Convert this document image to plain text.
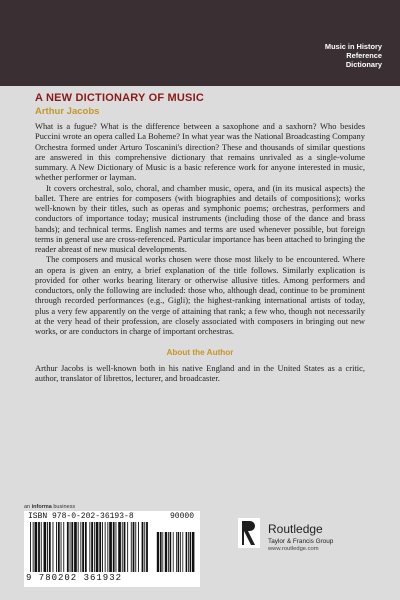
Music in History
Reference
Dictionary
A NEW DICTIONARY OF MUSIC
Arthur Jacobs

What is a fugue? What is the difference between a saxophone and a saxhorn? Who besides Puccini wrote an opera called La Boheme? In what year was the National Broadcasting Company Orchestra formed under Arturo Toscanini's direction? These and thousands of similar questions are answered in this comprehensive dictionary that remains unrivaled as a single-volume summary. A New Dictionary of Music is a basic reference work for anyone interested in music, whether performer or layman.

It covers orchestral, solo, choral, and chamber music, opera, and (in its musical aspects) the ballet. There are entries for composers (with biographies and details of compositions); works well-known by their titles, such as operas and symphonic poems; orchestras, performers and conductors of importance today; musical instruments (including those of the dance and brass bands); and technical terms. English names and terms are used whenever possible, but foreign terms in general use are cross-referenced. Particular importance has been attached to bringing the reader abreast of new musical developments.

The composers and musical works chosen were those most likely to be encountered. Where an opera is given an entry, a brief explanation of the title follows. Similarly explication is provided for other works bearing literary or otherwise allusive titles. Among performers and conductors, only the following are included: those who, although dead, continue to be prominent through recorded performances (e.g., Gigli); the highest-ranking international artists of today, plus a very few apparently on the verge of attaining that rank; a few who, though not necessarily at the very head of their profession, are closely associated with composers in bringing out new works, or are conductors in charge of important orchestras.

About the Author

Arthur Jacobs is well-known both in his native England and in the United States as a critic, author, translator of librettos, lecturer, and broadcaster.

an informa business
ISBN 978-0-202-36193-8
9 780202 361932
90000
Routledge
Taylor & Francis Group
www.routledge.com
